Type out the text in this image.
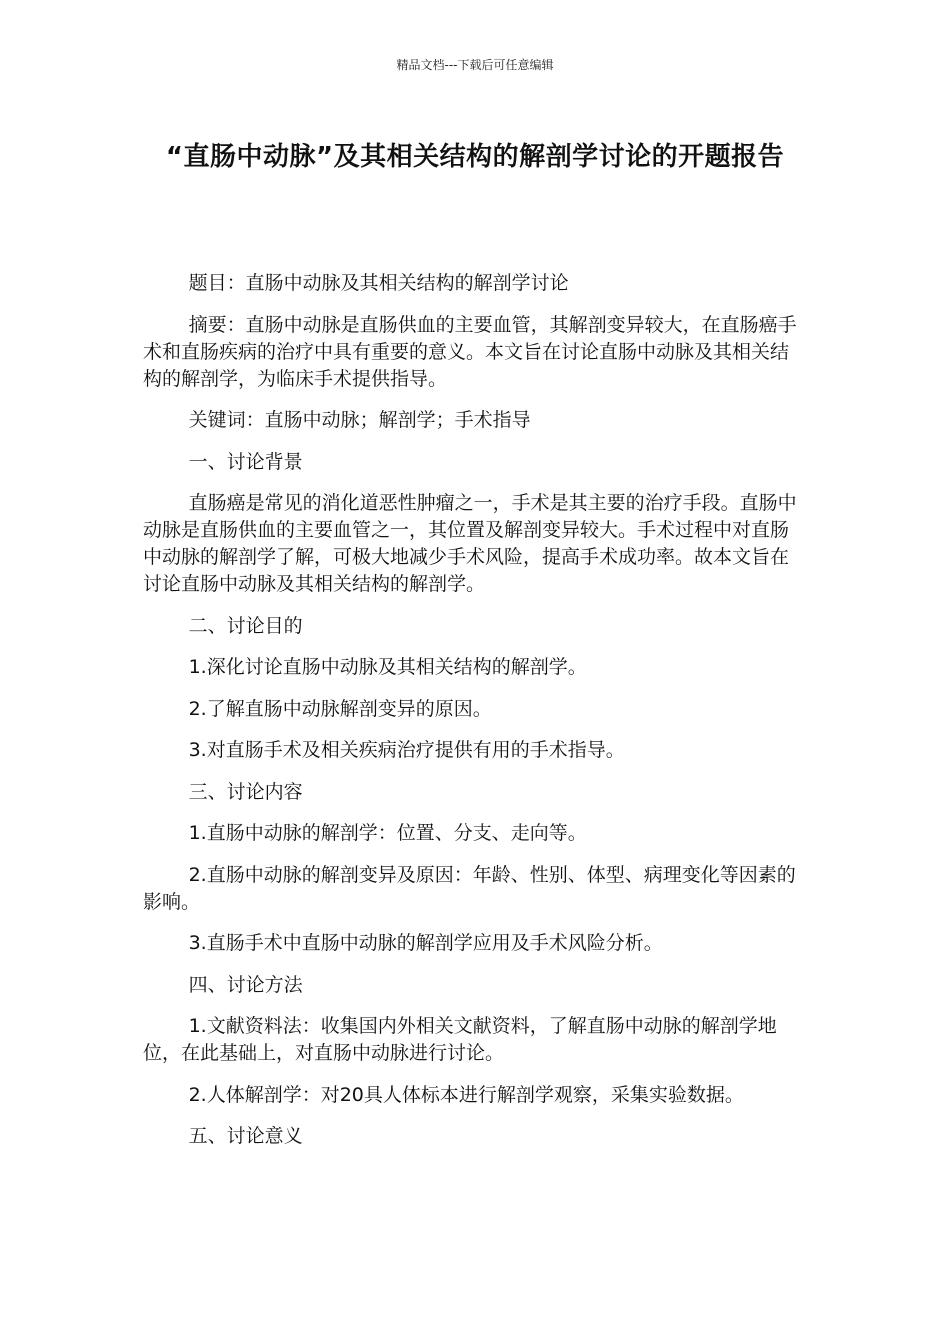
精品文档---下载后可任意编辑
“直肠中动脉”及其相关结构的解剖学讨论的开题报告

题目：直肠中动脉及其相关结构的解剖学讨论

摘要：直肠中动脉是直肠供血的主要血管，其解剖变异较大，在直肠癌手术和直肠疾病的治疗中具有重要的意义。本文旨在讨论直肠中动脉及其相关结构的解剖学，为临床手术提供指导。

关键词：直肠中动脉；解剖学；手术指导

一、讨论背景

直肠癌是常见的消化道恶性肿瘤之一，手术是其主要的治疗手段。直肠中动脉是直肠供血的主要血管之一，其位置及解剖变异较大。手术过程中对直肠中动脉的解剖学了解，可极大地减少手术风险，提高手术成功率。故本文旨在讨论直肠中动脉及其相关结构的解剖学。

二、讨论目的

1.深化讨论直肠中动脉及其相关结构的解剖学。

2.了解直肠中动脉解剖变异的原因。

3.对直肠手术及相关疾病治疗提供有用的手术指导。

三、讨论内容

1.直肠中动脉的解剖学：位置、分支、走向等。

2.直肠中动脉的解剖变异及原因：年龄、性别、体型、病理变化等因素的影响。

3.直肠手术中直肠中动脉的解剖学应用及手术风险分析。

四、讨论方法

1.文献资料法：收集国内外相关文献资料，了解直肠中动脉的解剖学地位，在此基础上，对直肠中动脉进行讨论。

2.人体解剖学：对20具人体标本进行解剖学观察，采集实验数据。

五、讨论意义
